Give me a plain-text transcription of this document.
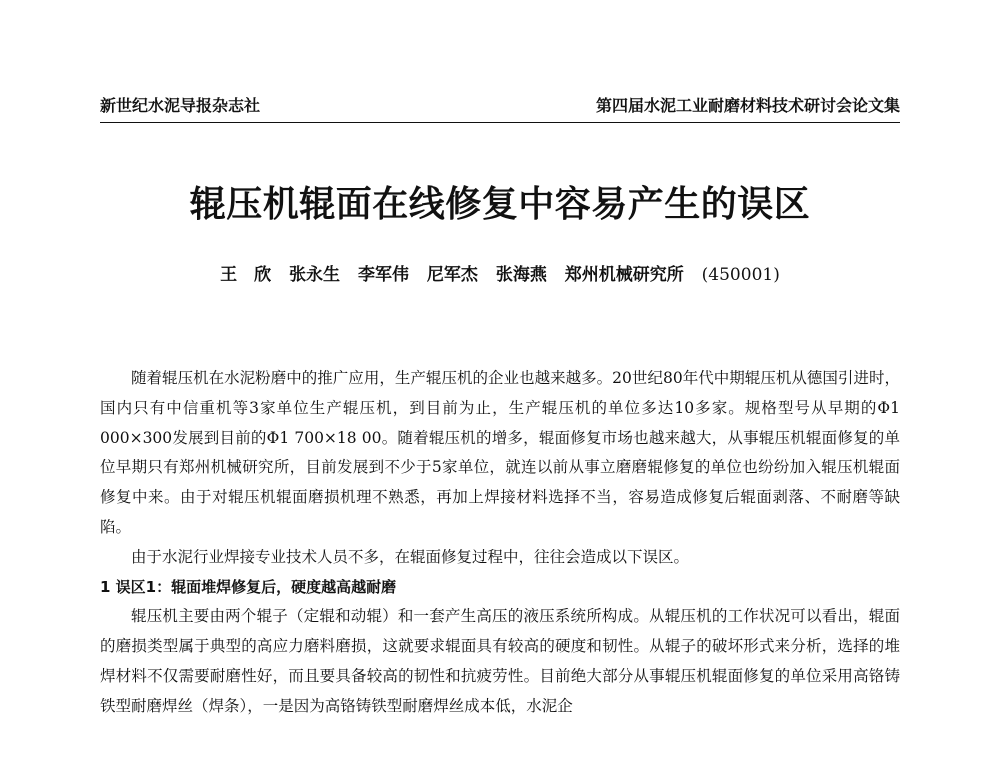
新世纪水泥导报杂志社	第四届水泥工业耐磨材料技术研讨会论文集
辊压机辊面在线修复中容易产生的误区
王　欣 张永生 李军伟 尼军杰 张海燕 郑州机械研究所 (450001)

随着辊压机在水泥粉磨中的推广应用，生产辊压机的企业也越来越多。20世纪80年代中期辊压机从德国引进时，国内只有中信重机等3家单位生产辊压机，到目前为止，生产辊压机的单位多达10多家。规格型号从早期的Φ1 000×300发展到目前的Φ1 700×18 00。随着辊压机的增多，辊面修复市场也越来越大，从事辊压机辊面修复的单位早期只有郑州机械研究所，目前发展到不少于5家单位，就连以前从事立磨磨辊修复的单位也纷纷加入辊压机辊面修复中来。由于对辊压机辊面磨损机理不熟悉，再加上焊接材料选择不当，容易造成修复后辊面剥落、不耐磨等缺陷。

由于水泥行业焊接专业技术人员不多，在辊面修复过程中，往往会造成以下误区。

1 误区1：辊面堆焊修复后，硬度越高越耐磨

辊压机主要由两个辊子（定辊和动辊）和一套产生高压的液压系统所构成。从辊压机的工作状况可以看出，辊面的磨损类型属于典型的高应力磨料磨损，这就要求辊面具有较高的硬度和韧性。从辊子的破坏形式来分析，选择的堆焊材料不仅需要耐磨性好，而且要具备较高的韧性和抗疲劳性。目前绝大部分从事辊压机辊面修复的单位采用高铬铸铁型耐磨焊丝（焊条），一是因为高铬铸铁型耐磨焊丝成本低，水泥企
